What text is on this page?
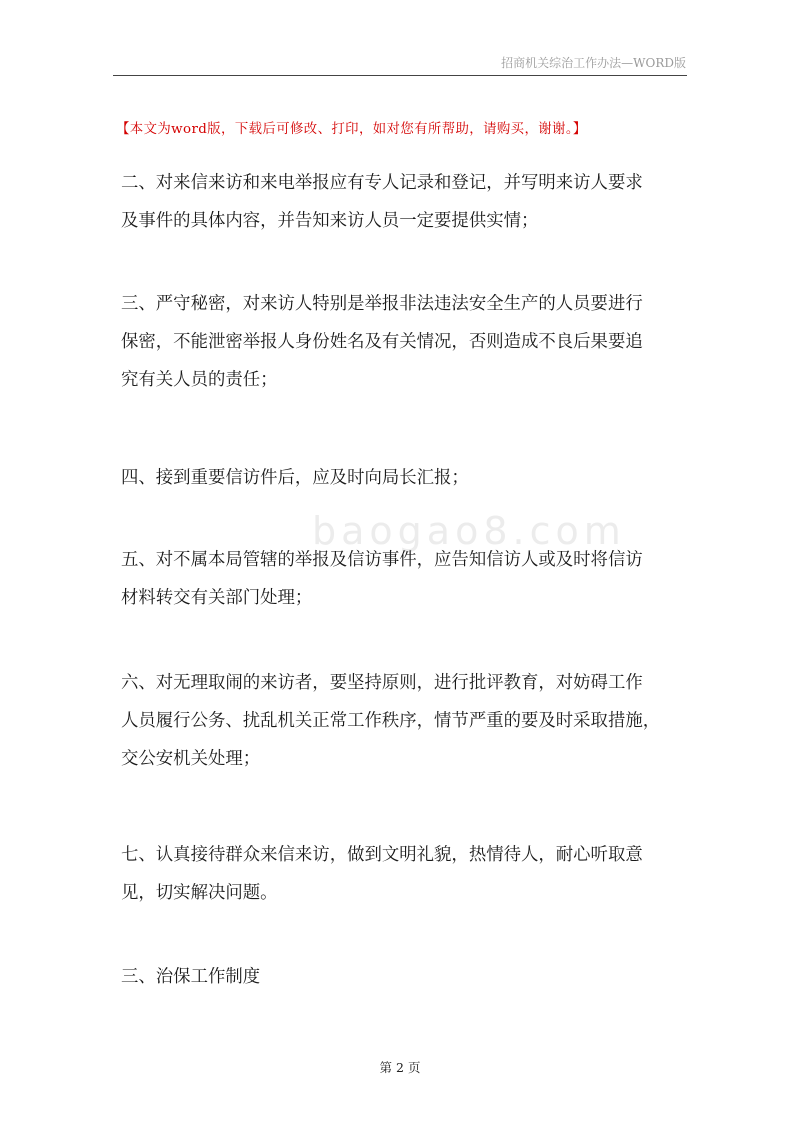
招商机关综治工作办法—WORD版
【本文为word版，下载后可修改、打印，如对您有所帮助，请购买，谢谢。】
baogao8.com
二、对来信来访和来电举报应有专人记录和登记，并写明来访人要求
及事件的具体内容，并告知来访人员一定要提供实情；
三、严守秘密，对来访人特别是举报非法违法安全生产的人员要进行
保密，不能泄密举报人身份姓名及有关情况，否则造成不良后果要追
究有关人员的责任；
四、接到重要信访件后，应及时向局长汇报；
五、对不属本局管辖的举报及信访事件，应告知信访人或及时将信访
材料转交有关部门处理；
六、对无理取闹的来访者，要坚持原则，进行批评教育，对妨碍工作
人员履行公务、扰乱机关正常工作秩序，情节严重的要及时采取措施，
交公安机关处理；
七、认真接待群众来信来访，做到文明礼貌，热情待人，耐心听取意
见，切实解决问题。
三、治保工作制度
第 2 页
